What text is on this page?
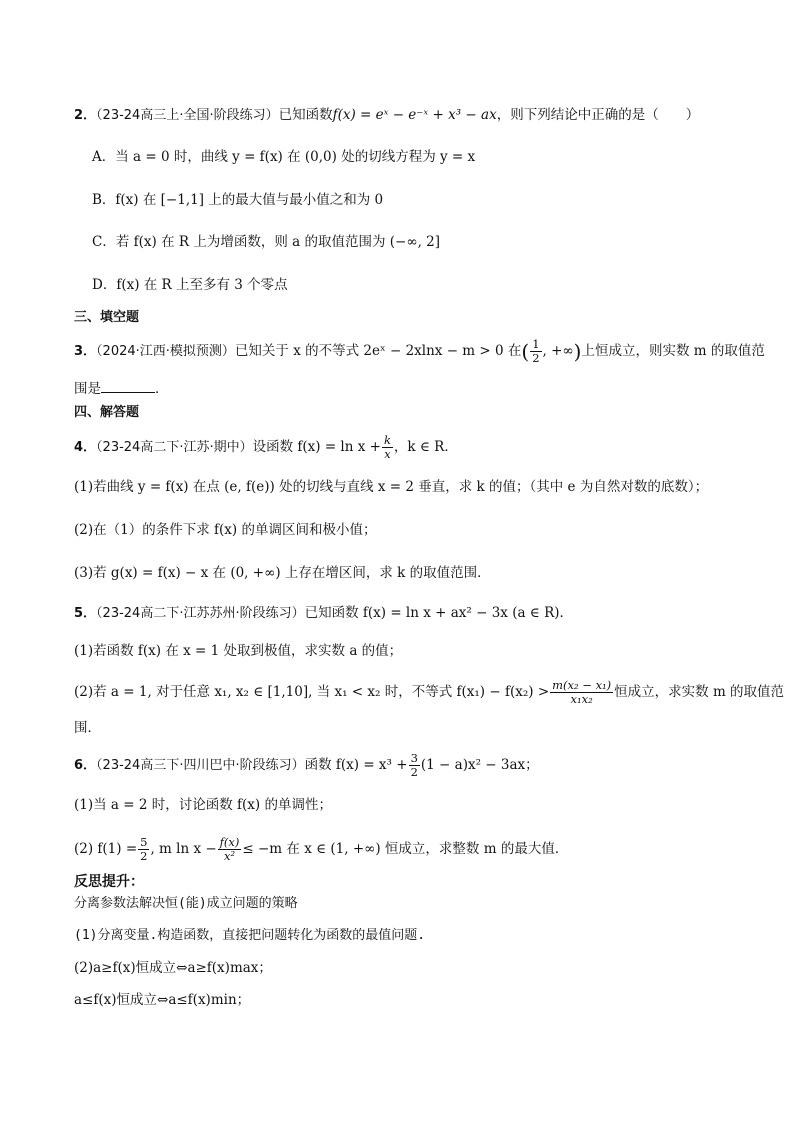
2．（23-24高三上·全国·阶段练习）已知函数f(x) = eˣ − e⁻ˣ + x³ − ax，则下列结论中正确的是（　　）
A．当 a = 0 时，曲线 y = f(x) 在 (0,0) 处的切线方程为 y = x
B．f(x) 在 [−1,1] 上的最大值与最小值之和为 0
C．若 f(x) 在 R 上为增函数，则 a 的取值范围为 (−∞, 2]
D．f(x) 在 R 上至多有 3 个零点
三、填空题
3．（2024·江西·模拟预测）已知关于 x 的不等式 2eˣ − 2xlnx − m > 0 在( $\frac{1}{2}$ , +∞)上恒成立，则实数 m 的取值范
围是	．
四、解答题
4．（23-24高二下·江苏·期中）设函数 $f(x) = \ln x + \frac{k}{x}$ ，k ∈ R．
(1)若曲线 y = f(x) 在点 (e, f(e)) 处的切线与直线 x = 2 垂直，求 k 的值；（其中 e 为自然对数的底数）；
(2)在（1）的条件下求 f(x) 的单调区间和极小值；
(3)若 g(x) = f(x) − x 在 (0, +∞) 上存在增区间，求 k 的取值范围．
5．（23-24高二下·江苏苏州·阶段练习）已知函数 f(x) = ln x + ax² − 3x (a ∈ R)．
(1)若函数 f(x) 在 x = 1 处取到极值，求实数 a 的值；
(2)若 a = 1, 对于任意 x₁, x₂ ∈ [1,10], 当 x₁ < x₂ 时，不等式 $f(x_1) - f(x_2) > \frac{\text{m(x₂ − x₁)}}{\text{x₁x₂}}$ 恒成立，求实数 m 的取值范
围．
6．（23-24高三下·四川巴中·阶段练习）函数 $f(x) = x^3 + \frac{3}{2} (1 - a)x^2 - 3ax$；
(1)当 a = 2 时，讨论函数 f(x) 的单调性；
(2) $f(1) = \frac{5}{2}$ , m $\ln x - \frac{f(x)}{\text{x²}} \le -m$ 在 x ∈ (1, +∞) 恒成立，求整数 m 的最大值．
反思提升：
分离参数法解决恒(能)成立问题的策略
(1)分离变量.构造函数，直接把问题转化为函数的最值问题.
(2)a≥f(x)恒成立⇔a≥f(x)max；
a≤f(x)恒成立⇔a≤f(x)min；
